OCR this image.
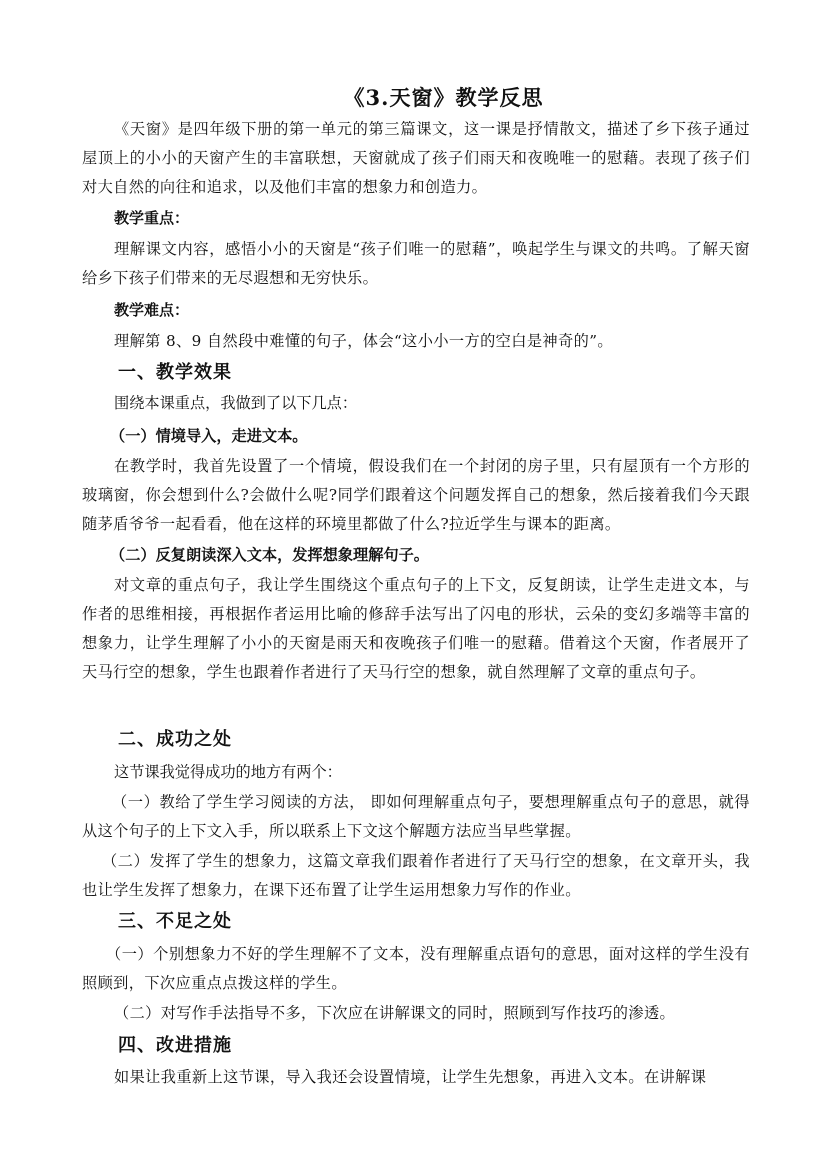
《3.天窗》教学反思
《天窗》是四年级下册的第一单元的第三篇课文，这一课是抒情散文，描述了乡下孩子通过屋顶上的小小的天窗产生的丰富联想，天窗就成了孩子们雨天和夜晚唯一的慰藉。表现了孩子们对大自然的向往和追求，以及他们丰富的想象力和创造力。
教学重点：
理解课文内容，感悟小小的天窗是“孩子们唯一的慰藉”，唤起学生与课文的共鸣。了解天窗给乡下孩子们带来的无尽遐想和无穷快乐。
教学难点：
理解第 8、9 自然段中难懂的句子，体会“这小小一方的空白是神奇的”。
一、教学效果
围绕本课重点，我做到了以下几点：
（一）情境导入，走进文本。
在教学时，我首先设置了一个情境，假设我们在一个封闭的房子里，只有屋顶有一个方形的玻璃窗，你会想到什么?会做什么呢?同学们跟着这个问题发挥自己的想象，然后接着我们今天跟随茅盾爷爷一起看看，他在这样的环境里都做了什么?拉近学生与课本的距离。
（二）反复朗读深入文本，发挥想象理解句子。
对文章的重点句子，我让学生围绕这个重点句子的上下文，反复朗读，让学生走进文本，与作者的思维相接，再根据作者运用比喻的修辞手法写出了闪电的形状，云朵的变幻多端等丰富的想象力，让学生理解了小小的天窗是雨天和夜晚孩子们唯一的慰藉。借着这个天窗，作者展开了天马行空的想象，学生也跟着作者进行了天马行空的想象，就自然理解了文章的重点句子。
二、成功之处
这节课我觉得成功的地方有两个：
（一）教给了学生学习阅读的方法， 即如何理解重点句子，要想理解重点句子的意思，就得从这个句子的上下文入手，所以联系上下文这个解题方法应当早些掌握。
（二）发挥了学生的想象力，这篇文章我们跟着作者进行了天马行空的想象，在文章开头，我也让学生发挥了想象力，在课下还布置了让学生运用想象力写作的作业。
三、不足之处
（一）个别想象力不好的学生理解不了文本，没有理解重点语句的意思，面对这样的学生没有照顾到，下次应重点点拨这样的学生。
（二）对写作手法指导不多，下次应在讲解课文的同时，照顾到写作技巧的渗透。
四、改进措施
如果让我重新上这节课，导入我还会设置情境，让学生先想象，再进入文本。在讲解课
